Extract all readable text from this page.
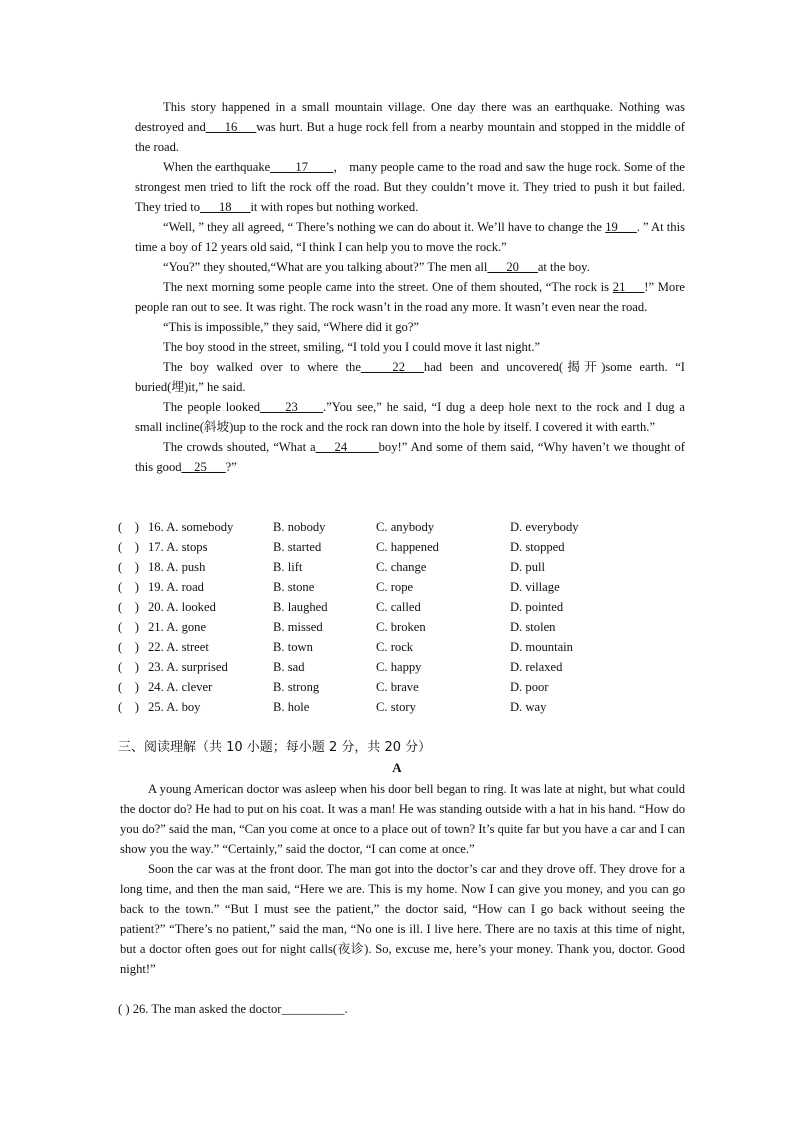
This story happened in a small mountain village. One day there was an earthquake. Nothing was destroyed and___16___was hurt. But a huge rock fell from a nearby mountain and stopped in the middle of the road.

When the earthquake____17____， many people came to the road and saw the huge rock. Some of the strongest men tried to lift the rock off the road. But they couldn’t move it. They tried to push it but failed. They tried to___18___it with ropes but nothing worked.

“Well, ” they all agreed, “ There’s nothing we can do about it. We’ll have to change the 19___. ” At this time a boy of 12 years old said, “I think I can help you to move the rock.”

“You?” they shouted,“What are you talking about?” The men all___20___at the boy.

The next morning some people came into the street. One of them shouted, “The rock is 21___!” More people ran out to see. It was right. The rock wasn’t in the road any more. It wasn’t even near the road.

“This is impossible,” they said, “Where did it go?”

The boy stood in the street, smiling, “I told you I could move it last night.”

The boy walked over to where the_____22___had been and uncovered(揭开)some earth. “I buried(埋)it,” he said.

The people looked____23____.”You see,” he said, “I dug a deep hole next to the rock and I dug a small incline(斜坡)up to the rock and the rock ran down into the hole by itself. I covered it with earth.”

The crowds shouted, “What a___24_____boy!” And some of them said, “Why haven’t we thought of this good__25___?”

( ) 16. A. somebody	B. nobody	C. anybody	D. everybody
( ) 17. A. stops	B. started	C. happened	D. stopped
( ) 18. A. push	B. lift	C. change	D. pull
( ) 19. A. road	B. stone	C. rope	D. village
( ) 20. A. looked	B. laughed	C. called	D. pointed
( ) 21. A. gone	B. missed	C. broken	D. stolen
( ) 22. A. street	B. town	C. rock	D. mountain
( ) 23. A. surprised	B. sad	C. happy	D. relaxed
( ) 24. A. clever	B. strong	C. brave	D. poor
( ) 25. A. boy	B. hole	C. story	D. way
三、阅读理解（共 10 小题；每小题 2 分，共 20 分）
A

A young American doctor was asleep when his door bell began to ring. It was late at night, but what could the doctor do? He had to put on his coat. It was a man! He was standing outside with a hat in his hand. “How do you do?” said the man, “Can you come at once to a place out of town? It’s quite far but you have a car and I can show you the way.” “Certainly,” said the doctor, “I can come at once.”

Soon the car was at the front door. The man got into the doctor’s car and they drove off. They drove for a long time, and then the man said, “Here we are. This is my home. Now I can give you money, and you can go back to the town.” “But I must see the patient,” the doctor said, “How can I go back without seeing the patient?” “There’s no patient,” said the man, “No one is ill. I live here. There are no taxis at this time of night, but a doctor often goes out for night calls(夜诊). So, excuse me, here’s your money. Thank you, doctor. Good night!”

( ) 26. The man asked the doctor__________.
